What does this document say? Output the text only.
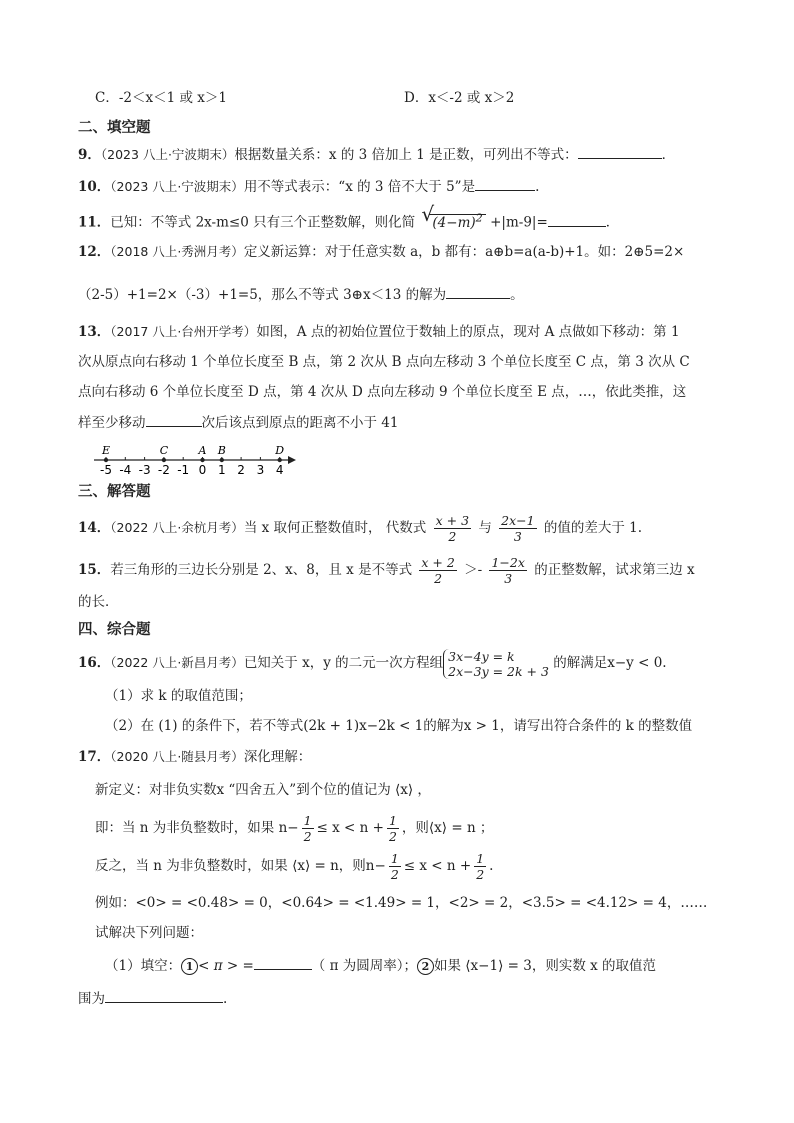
C．-2＜x＜1 或 x＞1	D．x＜-2 或 x＞2
二、填空题
9．（2023 八上·宁波期末）根据数量关系：x 的 3 倍加上 1 是正数，可列出不等式：	．
10．（2023 八上·宁波期末）用不等式表示：“x 的 3 倍不大于 5”是	.
11．已知：不等式 2x-m≤0 只有三个正整数解，则化简 √
$(4-m)^2 +|m-9|=$	．
12．（2018 八上·秀洲月考）定义新运算：对于任意实数 a，b 都有：a⊕b=a(a-b)+1。如：2⊕5=2×
（2-5）+1=2×（-3）+1=5，那么不等式 3⊕x＜13 的解为	。
13．（2017 八上·台州开学考）如图，A 点的初始位置位于数轴上的原点，现对 A 点做如下移动：第 1
次从原点向右移动 1 个单位长度至 B 点，第 2 次从 B 点向左移动 3 个单位长度至 C 点，第 3 次从 C
点向右移动 6 个单位长度至 D 点，第 4 次从 D 点向左移动 9 个单位长度至 E 点，…，依此类推，这
样至少移动	次后该点到原点的距离不小于 41
-5 -4 -3 -2 -1 0 1 2 3 4
E	C	A B	D
三、解答题
14．（2022 八上·余杭月考）当 x 取何正整数值时， 代数式 $\frac{x + 3}{2}$ 与 $\frac{2x-1}{3}$ 的值的差大于 1.
15．若三角形的三边长分别是 2、x、8，且 x 是不等式 $\frac{x + 2}{2} >- \frac{1-2x}{3}$ 的正整数解，试求第三边 x
的长．
四、综合题
16．（2022 八上·新昌月考）已知关于 x，y 的二元一次方程组 3x−4y = k
2x−3y = 2k + 3 的解满足x−y < 0.
（1）求 k 的取值范围；
（2）在 (1) 的条件下，若不等式(2k + 1)x−2k < 1的解为x > 1，请写出符合条件的 k 的整数值
17．（2020 八上·随县月考）深化理解：
新定义：对非负实数x “四舍五入”到个位的值记为 ⟨x⟩ ，
即：当 n 为非负整数时，如果 $n- \frac{1}{2} \le x < n + \frac{1}{2}$ ，则⟨x⟩ = n ；
反之，当 n 为非负整数时，如果 ⟨x⟩ = n，则$n- \frac{1}{2} \le x < n + \frac{1}{2}$ .
例如：<0> = <0.48> = 0，<0.64> = <1.49> = 1，<2> = 2，<3.5> = <4.12> = 4，……
试解决下列问题：
（1）填空： 1 < π > =	（ π 为圆周率）； 2 如果 ⟨x−1⟩ = 3，则实数 x 的取值范
围为	.
